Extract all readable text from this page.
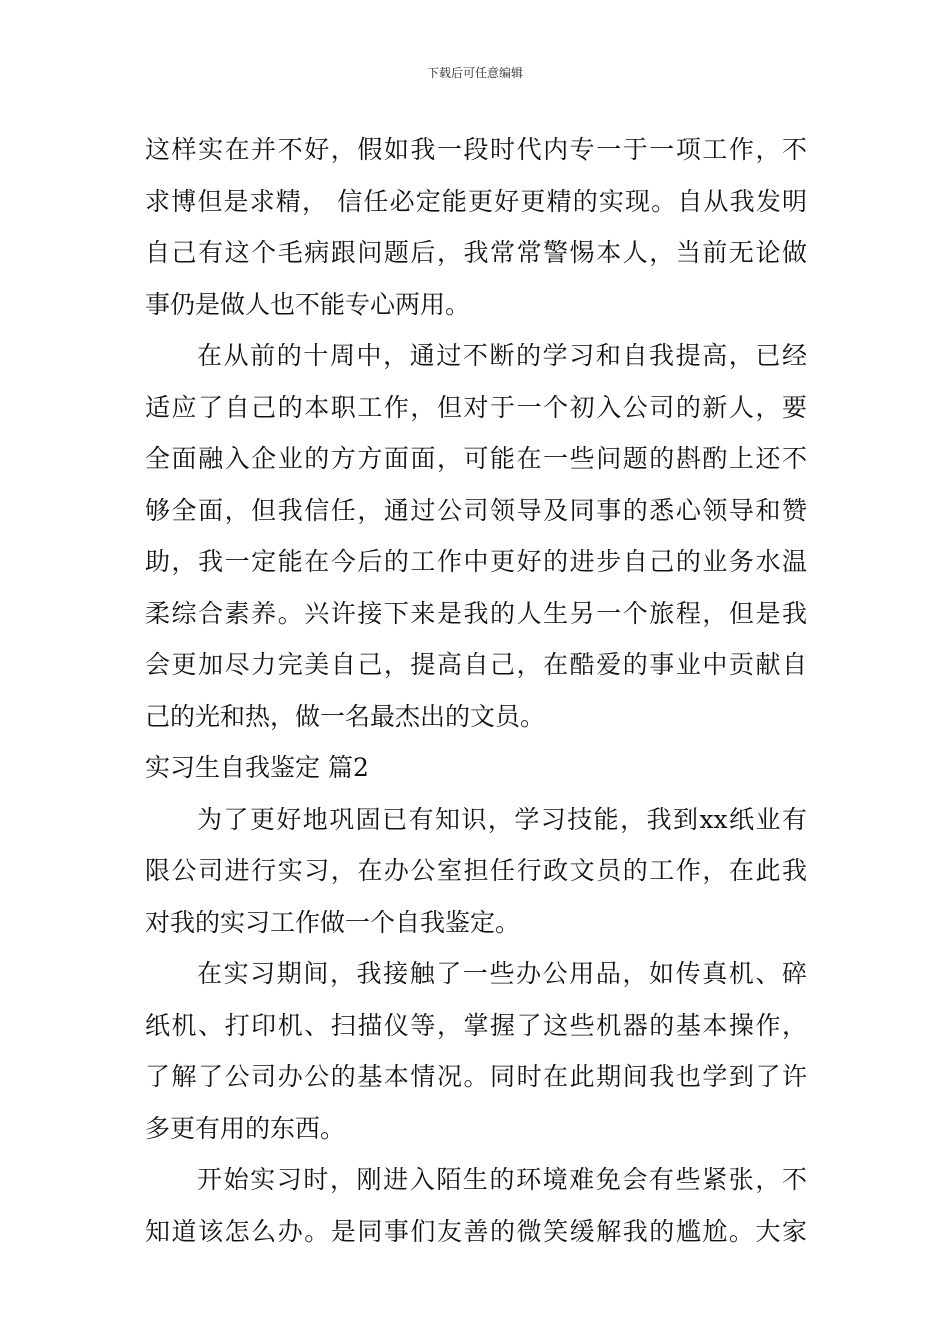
下载后可任意编辑
这样实在并不好，假如我一段时代内专一于一项工作，不
求博但是求精， 信任必定能更好更精的实现。自从我发明
自己有这个毛病跟问题后，我常常警惕本人，当前无论做
事仍是做人也不能专心两用。
在从前的十周中，通过不断的学习和自我提高，已经
适应了自己的本职工作，但对于一个初入公司的新人，要
全面融入企业的方方面面，可能在一些问题的斟酌上还不
够全面，但我信任，通过公司领导及同事的悉心领导和赞
助，我一定能在今后的工作中更好的进步自己的业务水温
柔综合素养。兴许接下来是我的人生另一个旅程，但是我
会更加尽力完美自己，提高自己，在酷爱的事业中贡献自
己的光和热，做一名最杰出的文员。
实习生自我鉴定 篇2
为了更好地巩固已有知识，学习技能，我到xx纸业有
限公司进行实习，在办公室担任行政文员的工作，在此我
对我的实习工作做一个自我鉴定。
在实习期间，我接触了一些办公用品，如传真机、碎
纸机、打印机、扫描仪等，掌握了这些机器的基本操作，
了解了公司办公的基本情况。同时在此期间我也学到了许
多更有用的东西。
开始实习时，刚进入陌生的环境难免会有些紧张，不
知道该怎么办。是同事们友善的微笑缓解我的尴尬。大家
